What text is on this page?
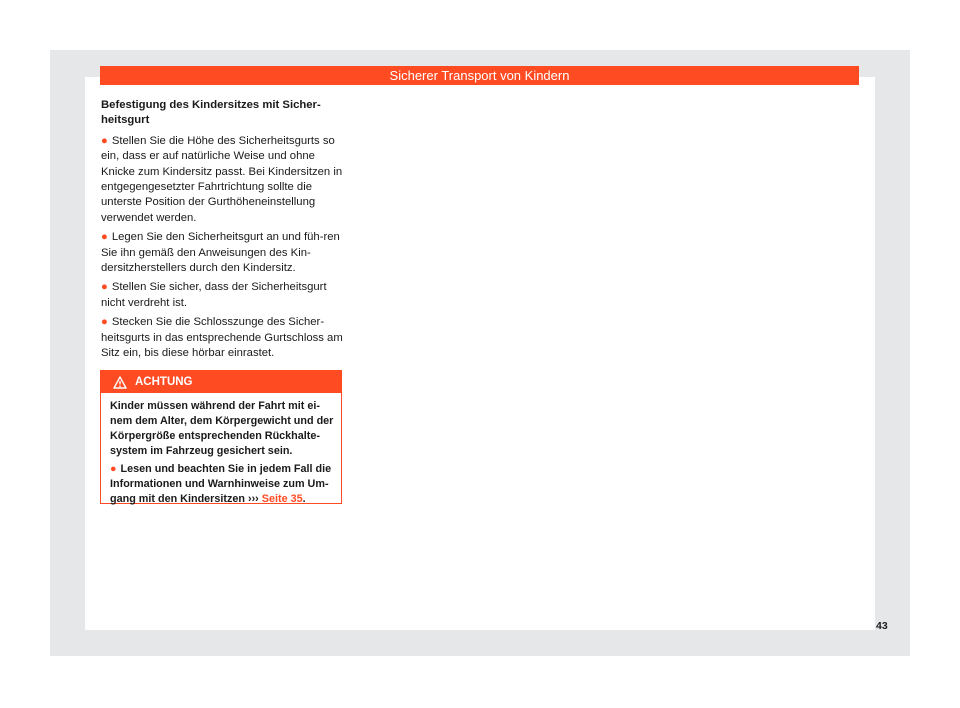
Sicherer Transport von Kindern
Befestigung des Kindersitzes mit Sicher-heitsgurt

● Stellen Sie die Höhe des Sicherheitsgurts so ein, dass er auf natürliche Weise und ohne Knicke zum Kindersitz passt. Bei Kindersitzen in entgegengesetzter Fahrtrichtung sollte die unterste Position der Gurthöheneinstellung verwendet werden.

● Legen Sie den Sicherheitsgurt an und füh-ren Sie ihn gemäß den Anweisungen des Kin-dersitzherstellers durch den Kindersitz.

● Stellen Sie sicher, dass der Sicherheitsgurt nicht verdreht ist.

● Stecken Sie die Schlosszunge des Sicher-heitsgurts in das entsprechende Gurtschloss am Sitz ein, bis diese hörbar einrastet.

ACHTUNG

Kinder müssen während der Fahrt mit ei-nem dem Alter, dem Körpergewicht und der Körpergröße entsprechenden Rückhalte-system im Fahrzeug gesichert sein.

● Lesen und beachten Sie in jedem Fall die Informationen und Warnhinweise zum Um-gang mit den Kindersitzen ››› Seite 35.

43
